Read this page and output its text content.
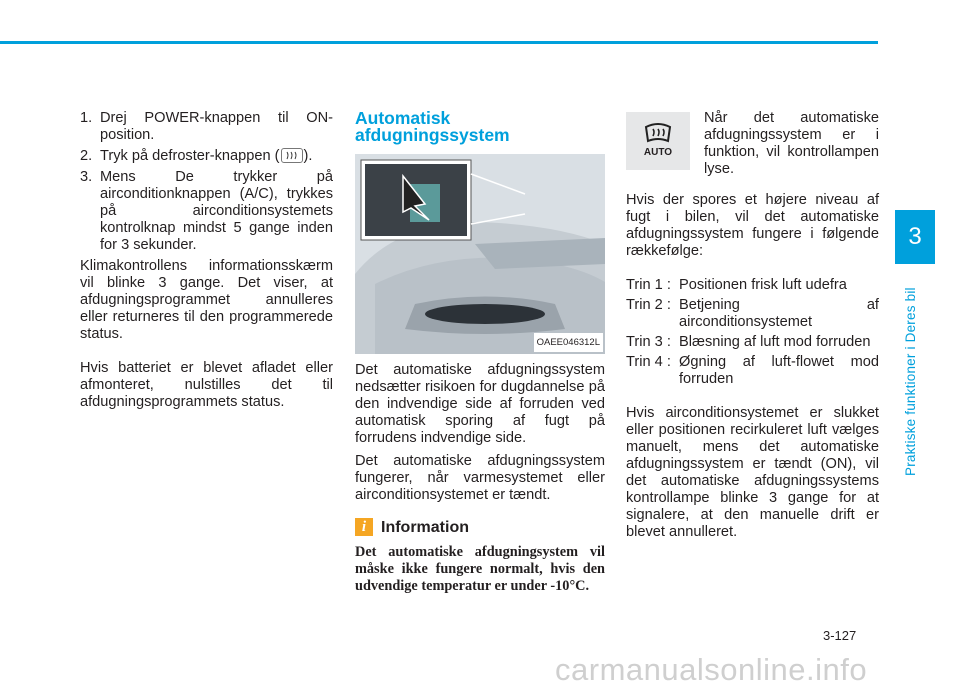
3
Praktiske funktioner i Deres bil
1. Drej POWER-knappen til ON-position.
2. Tryk på defroster-knappen ( ).
3. Mens De trykker på airconditionknappen (A/C), trykkes på airconditionsystemets kontrolknap mindst 5 gange inden for 3 sekunder.

Klimakontrollens informationsskærm vil blinke 3 gange. Det viser, at afdugningsprogrammet annulleres eller returneres til den programmerede status.

Hvis batteriet er blevet afladet eller afmonteret, nulstilles det til afdugningsprogrammets status.

Automatisk afdugningssystem
OAEE046312L

Det automatiske afdugningssystem nedsætter risikoen for dugdannelse på den indvendige side af forruden ved automatisk sporing af fugt på forrudens indvendige side.

Det automatiske afdugningssystem fungerer, når varmesystemet eller airconditionsystemet er tændt.

i Information
Det automatiske afdugningsystem vil måske ikke fungere normalt, hvis den udvendige temperatur er under -10°C.
AUTO
Når det automatiske afdugningssystem er i funktion, vil kontrollampen lyse.

Hvis der spores et højere niveau af fugt i bilen, vil det automatiske afdugningssystem fungere i følgende rækkefølge:

Trin 1 : Positionen frisk luft udefra
Trin 2 : Betjening af airconditionsystemet
Trin 3 : Blæsning af luft mod forruden
Trin 4 : Øgning af luft-flowet mod forruden

Hvis airconditionsystemet er slukket eller positionen recirkuleret luft vælges manuelt, mens det automatiske afdugningssystem er tændt (ON), vil det automatiske afdugningssystems kontrollampe blinke 3 gange for at signalere, at den manuelle drift er blevet annulleret.

3-127
carmanualsonline.info
